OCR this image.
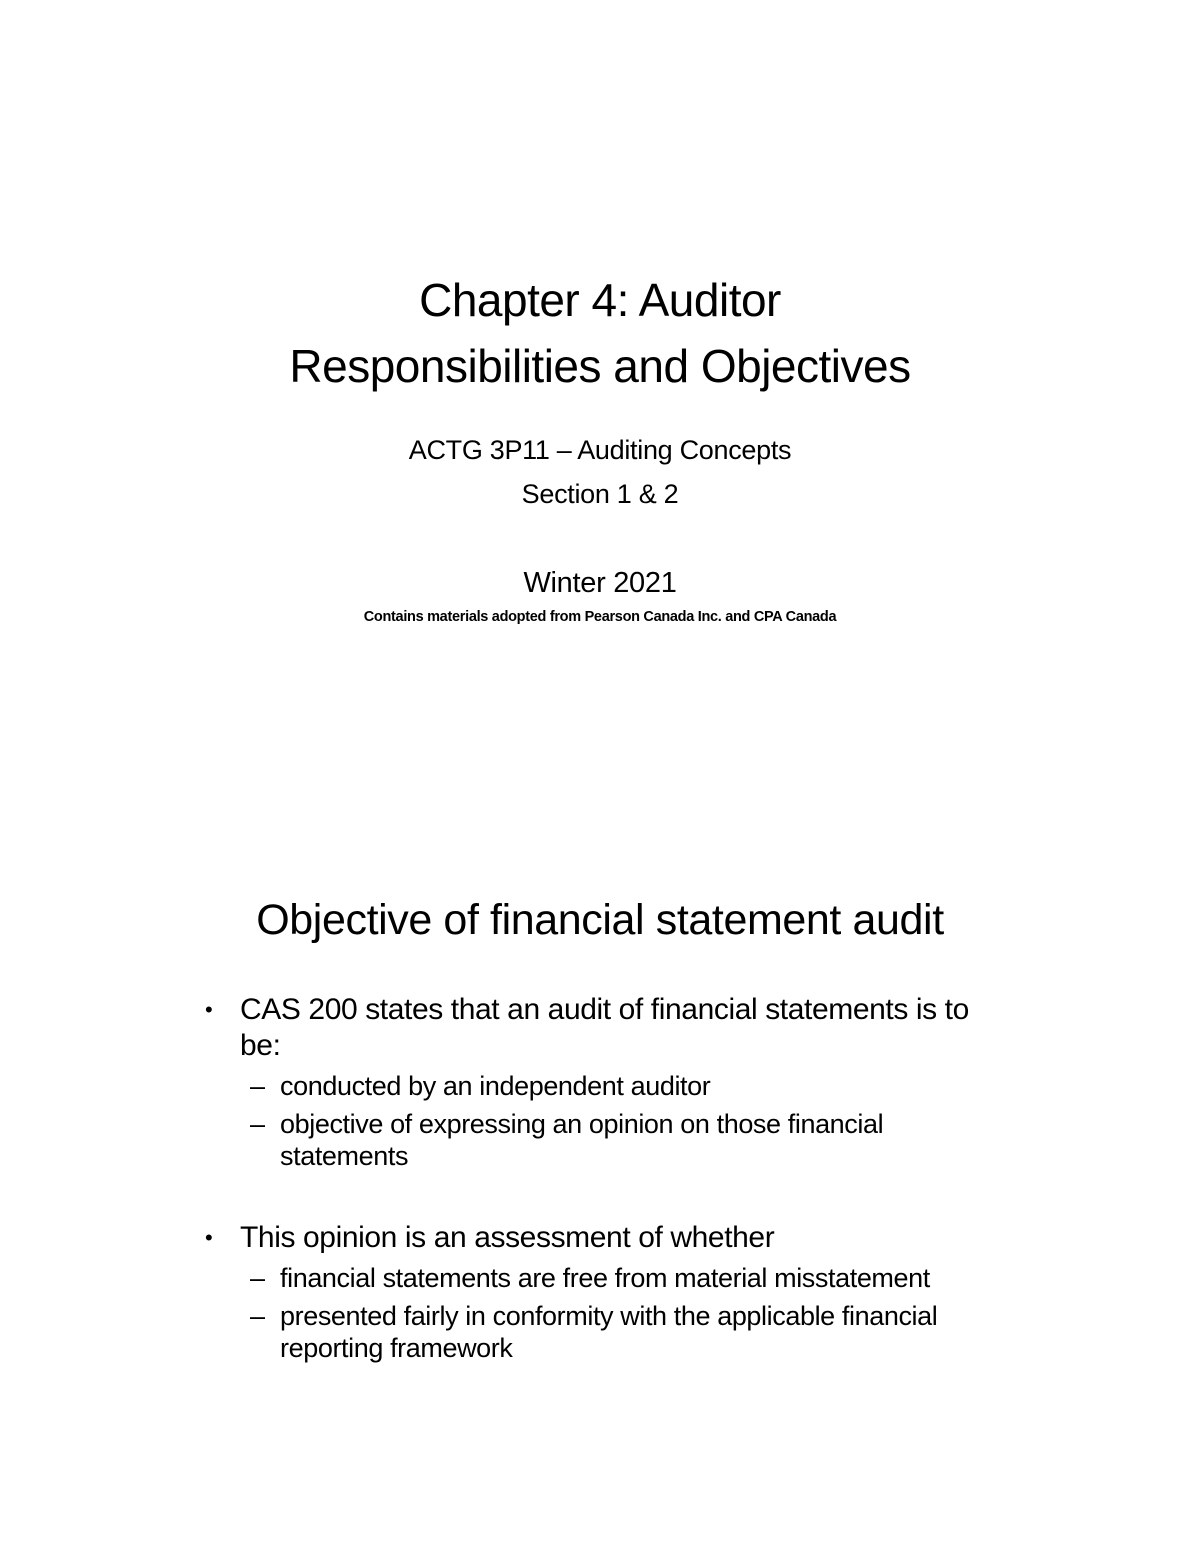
Chapter 4: Auditor
Responsibilities and Objectives
ACTG 3P11 – Auditing Concepts
Section 1 & 2
Winter 2021
Contains materials adopted from Pearson Canada Inc. and CPA Canada
Objective of financial statement audit
• CAS 200 states that an audit of financial statements is to be:
– conducted by an independent auditor
– objective of expressing an opinion on those financial statements
• This opinion is an assessment of whether
– financial statements are free from material misstatement
– presented fairly in conformity with the applicable financial reporting framework
